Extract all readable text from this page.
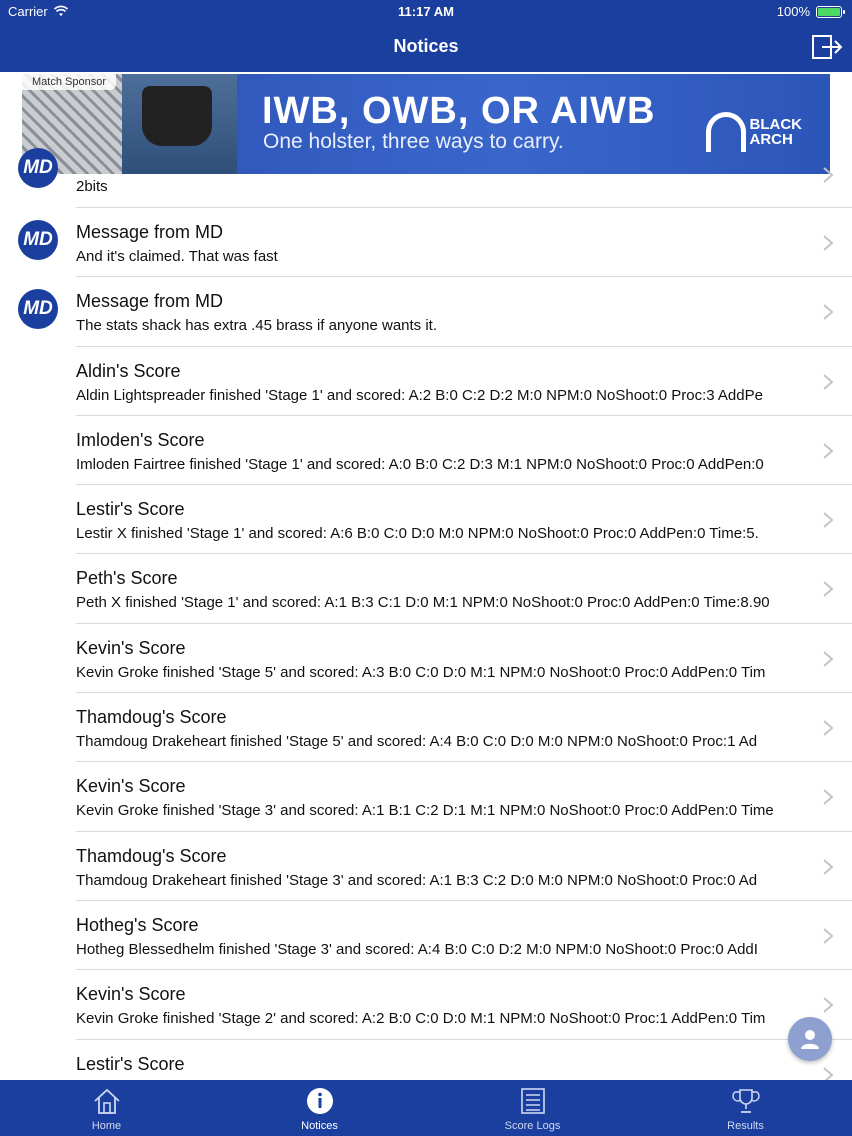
Carrier	11:17 AM	100%
Notices
Match Sponsor
IWB, OWB, OR AIWB
One holster, three ways to carry.
BLACK
ARCH
MD
2bits
MD Message from MD
And it's claimed. That was fast
MD Message from MD
The stats shack has extra .45 brass if anyone wants it.
Aldin's Score
Aldin Lightspreader finished 'Stage 1' and scored: A:2 B:0 C:2 D:2 M:0 NPM:0 NoShoot:0 Proc:3 AddPe
Imloden's Score
Imloden Fairtree finished 'Stage 1' and scored: A:0 B:0 C:2 D:3 M:1 NPM:0 NoShoot:0 Proc:0 AddPen:0
Lestir's Score
Lestir X finished 'Stage 1' and scored: A:6 B:0 C:0 D:0 M:0 NPM:0 NoShoot:0 Proc:0 AddPen:0 Time:5.
Peth's Score
Peth X finished 'Stage 1' and scored: A:1 B:3 C:1 D:0 M:1 NPM:0 NoShoot:0 Proc:0 AddPen:0 Time:8.90
Kevin's Score
Kevin Groke finished 'Stage 5' and scored: A:3 B:0 C:0 D:0 M:1 NPM:0 NoShoot:0 Proc:0 AddPen:0 Tim
Thamdoug's Score
Thamdoug Drakeheart finished 'Stage 5' and scored: A:4 B:0 C:0 D:0 M:0 NPM:0 NoShoot:0 Proc:1 Ad
Kevin's Score
Kevin Groke finished 'Stage 3' and scored: A:1 B:1 C:2 D:1 M:1 NPM:0 NoShoot:0 Proc:0 AddPen:0 Time
Thamdoug's Score
Thamdoug Drakeheart finished 'Stage 3' and scored: A:1 B:3 C:2 D:0 M:0 NPM:0 NoShoot:0 Proc:0 Ad
Hotheg's Score
Hotheg Blessedhelm finished 'Stage 3' and scored: A:4 B:0 C:0 D:2 M:0 NPM:0 NoShoot:0 Proc:0 AddI
Kevin's Score
Kevin Groke finished 'Stage 2' and scored: A:2 B:0 C:0 D:0 M:1 NPM:0 NoShoot:0 Proc:1 AddPen:0 Tim
Lestir's Score
Home	Notices	Score Logs	Results
